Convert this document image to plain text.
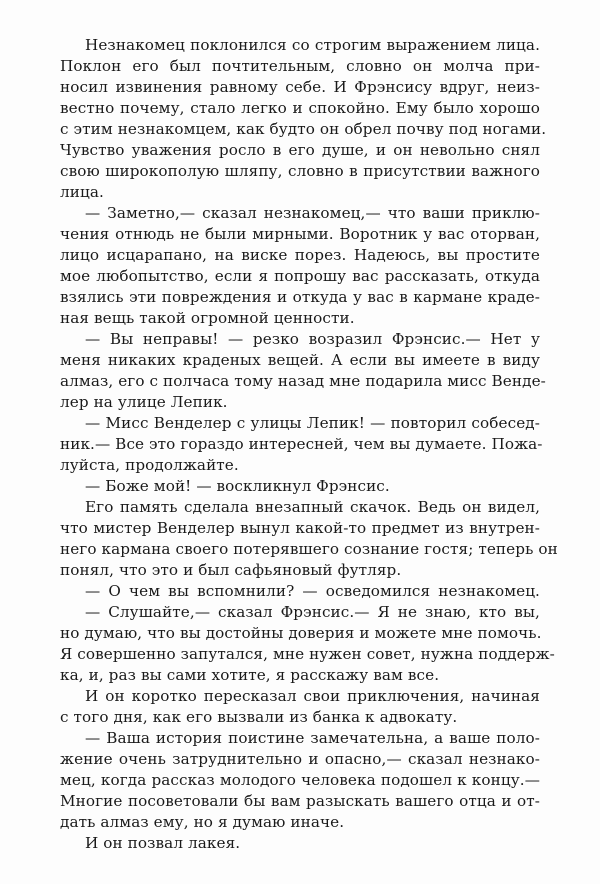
Незнакомец поклонился со строгим выражением лица.
Поклон его был почтительным, словно он молча при-
носил извинения равному себе. И Фрэнсису вдруг, неиз-
вестно почему, стало легко и спокойно. Ему было хорошо
с этим незнакомцем, как будто он обрел почву под ногами.
Чувство уважения росло в его душе, и он невольно снял
свою широкополую шляпу, словно в присутствии важного
лица.
— Заметно,— сказал незнакомец,— что ваши приклю-
чения отнюдь не были мирными. Воротник у вас оторван,
лицо исцарапано, на виске порез. Надеюсь, вы простите
мое любопытство, если я попрошу вас рассказать, откуда
взялись эти повреждения и откуда у вас в кармане краде-
ная вещь такой огромной ценности.
— Вы неправы! — резко возразил Фрэнсис.— Нет у
меня никаких краденых вещей. А если вы имеете в виду
алмаз, его с полчаса тому назад мне подарила мисс Венде-
лер на улице Лепик.
— Мисс Венделер с улицы Лепик! — повторил собесед-
ник.— Все это гораздо интересней, чем вы думаете. Пожа-
луйста, продолжайте.
— Боже мой! — воскликнул Фрэнсис.
Его память сделала внезапный скачок. Ведь он видел,
что мистер Венделер вынул какой-то предмет из внутрен-
него кармана своего потерявшего сознание гостя; теперь он
понял, что это и был сафьяновый футляр.
— О чем вы вспомнили? — осведомился незнакомец.
— Слушайте,— сказал Фрэнсис.— Я не знаю, кто вы,
но думаю, что вы достойны доверия и можете мне помочь.
Я совершенно запутался, мне нужен совет, нужна поддерж-
ка, и, раз вы сами хотите, я расскажу вам все.
И он коротко пересказал свои приключения, начиная
с того дня, как его вызвали из банка к адвокату.
— Ваша история поистине замечательна, а ваше поло-
жение очень затруднительно и опасно,— сказал незнако-
мец, когда рассказ молодого человека подошел к концу.—
Многие посоветовали бы вам разыскать вашего отца и от-
дать алмаз ему, но я думаю иначе.
И он позвал лакея.
